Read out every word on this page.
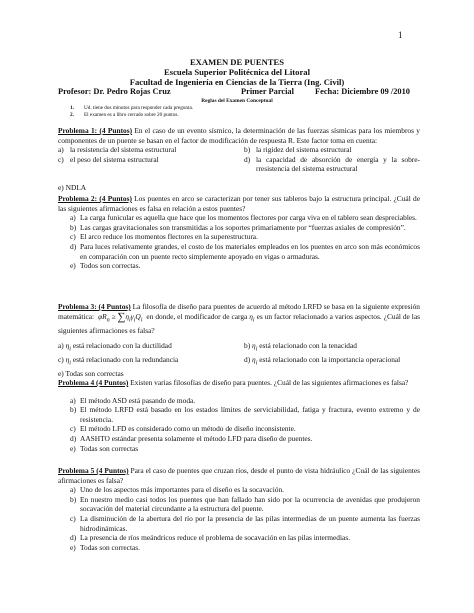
1
EXAMEN DE PUENTES
Escuela Superior Politécnica del Litoral
Facultad de Ingeniería en Ciencias de la Tierra (Ing. Civil)
Profesor: Dr. Pedro Rojas Cruz	Primer Parcial	Fecha: Diciembre 09 /2010
Reglas del Examen Conceptual
1. Ud. tiene dos minutos para responder cada pregunta.
2. El examen es a libro cerrado sobre 20 puntos.
Problema 1: (4 Puntos) En el caso de un evento sísmico, la determinación de las fuerzas sísmicas para los miembros y componentes de un puente se basan en el factor de modificación de respuesta R. Este factor toma en cuenta:
a) la resistencia del sistema estructural	b) la rigidez del sistema estructural
c) el peso del sistema estructural	d) la capacidad de absorción de energía y la sobre-rresistencia del sistema estructural
e) NDLA
Problema 2: (4 Puntos) Los puentes en arco se caracterizan por tener sus tableros bajo la estructura principal. ¿Cuál de las siguientes afirmaciones es falsa en relación a estos puentes?
a) La carga funicular es aquella que hace que los momentos flectores por carga viva en el tablero sean despreciables.
b) Las cargas gravitacionales son transmitidas a los soportes primariamente por “fuerzas axiales de compresión”.
c) El arco reduce los momentos flectores en la superestructura.
d) Para luces relativamente grandes, el costo de los materiales empleados en los puentes en arco son más económicos en comparación con un puente recto simplemente apoyado en vigas o armaduras.
e) Todos son correctas.
Problema 3: (4 Puntos) La filosofía de diseño para puentes de acuerdo al método LRFD se basa en la siguiente expresión matemática: $\varphi R_n \ge \sum\eta_i\gamma_iQ_i$ en donde, el modificador de carga $\eta_i$ es un factor relacionado a varios aspectos. ¿Cuál de las siguientes afirmaciones es falsa?
a) $\eta_i$ está relacionado con la ductilidad	b) $\eta_i$ está relacionado con la tenacidad
c) $\eta_i$ está relacionado con la redundancia	d) $\eta_i$ está relacionado con la importancia operacional
e) Todas son correctas
Problema 4 (4 Puntos) Existen varias filosofías de diseño para puentes. ¿Cuál de las siguientes afirmaciones es falsa?
a) El método ASD está pasando de moda.
b) El método LRFD está basado en los estados límites de serviciabilidad, fatiga y fractura, evento extremo y de resistencia.
c) El método LFD es considerado como un método de diseño inconsistente.
d) AASHTO estándar presenta solamente el método LFD para diseño de puentes.
e) Todas son correctas
Problema 5 (4 Puntos) Para el caso de puentes que cruzan ríos, desde el punto de vista hidráulico ¿Cuál de las siguientes afirmaciones es falsa?
a) Uno de los aspectos más importantes para el diseño es la socavación.
b) En nuestro medio casi todos los puentes que han fallado han sido por la ocurrencia de avenidas que produjeron socavación del material circundante a la estructura del puente.
c) La disminución de la abertura del río por la presencia de las pilas intermedias de un puente aumenta las fuerzas hidrodinámicas.
d) La presencia de ríos meándricos reduce el problema de socavación en las pilas intermedias.
e) Todas son correctas.
